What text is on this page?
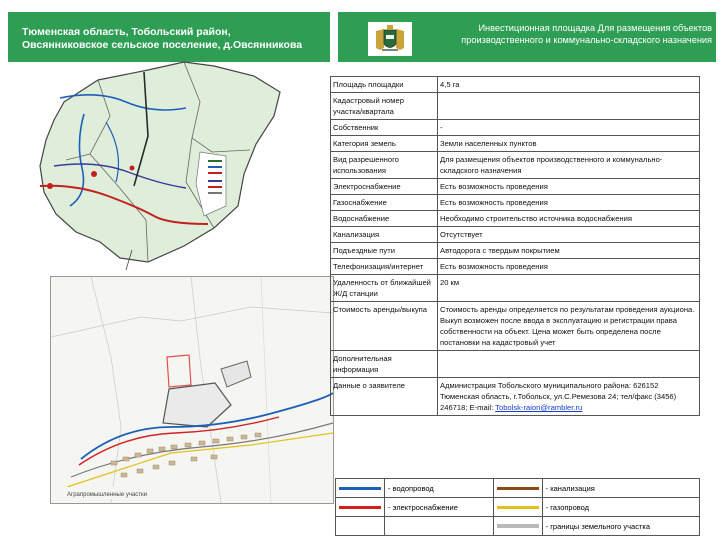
Тюменская область, Тобольский район,
Овсянниковское сельское поселение, д.Овсянникова
Инвестиционная площадка Для размещения объектов
производственного и коммунально-складского назначения
Аграпромышленные участки
Площадь площадки	4,5 га
Кадастровый номер участка/квартала	
Собственник	-
Категория земель	Земли населенных пунктов
Вид разрешенного использования	Для размещения объектов производственного и коммунально-складского назначения
Электроснабжение	Есть возможность проведения
Газоснабжение	Есть возможность проведения
Водоснабжение	Необходимо строительство источника водоснабжения
Канализация	Отсутствует
Подъездные пути	Автодорога с твердым покрытием
Телефонизация/интернет	Есть возможность проведения
Удаленность от ближайшей Ж/Д станции	20 км
Стоимость аренды/выкупа	Стоимость аренды определяется по результатам проведения аукциона. Выкуп возможен после ввода в эксплуатацию и регистрации права собственности на объект. Цена может быть определена после постановки на кадастровый учет
Дополнительная информация	
Данные о заявителе	Администрация Тобольского муниципального района: 626152 Тюменская область, г.Тобольск, ул.С.Ремезова 24; тел/факс (3456) 246718; E-mail: Tobolsk-raion@rambler.ru
	- водопровод		- канализация

	- электроснабжение		- газопровод

	- границы земельного участка
